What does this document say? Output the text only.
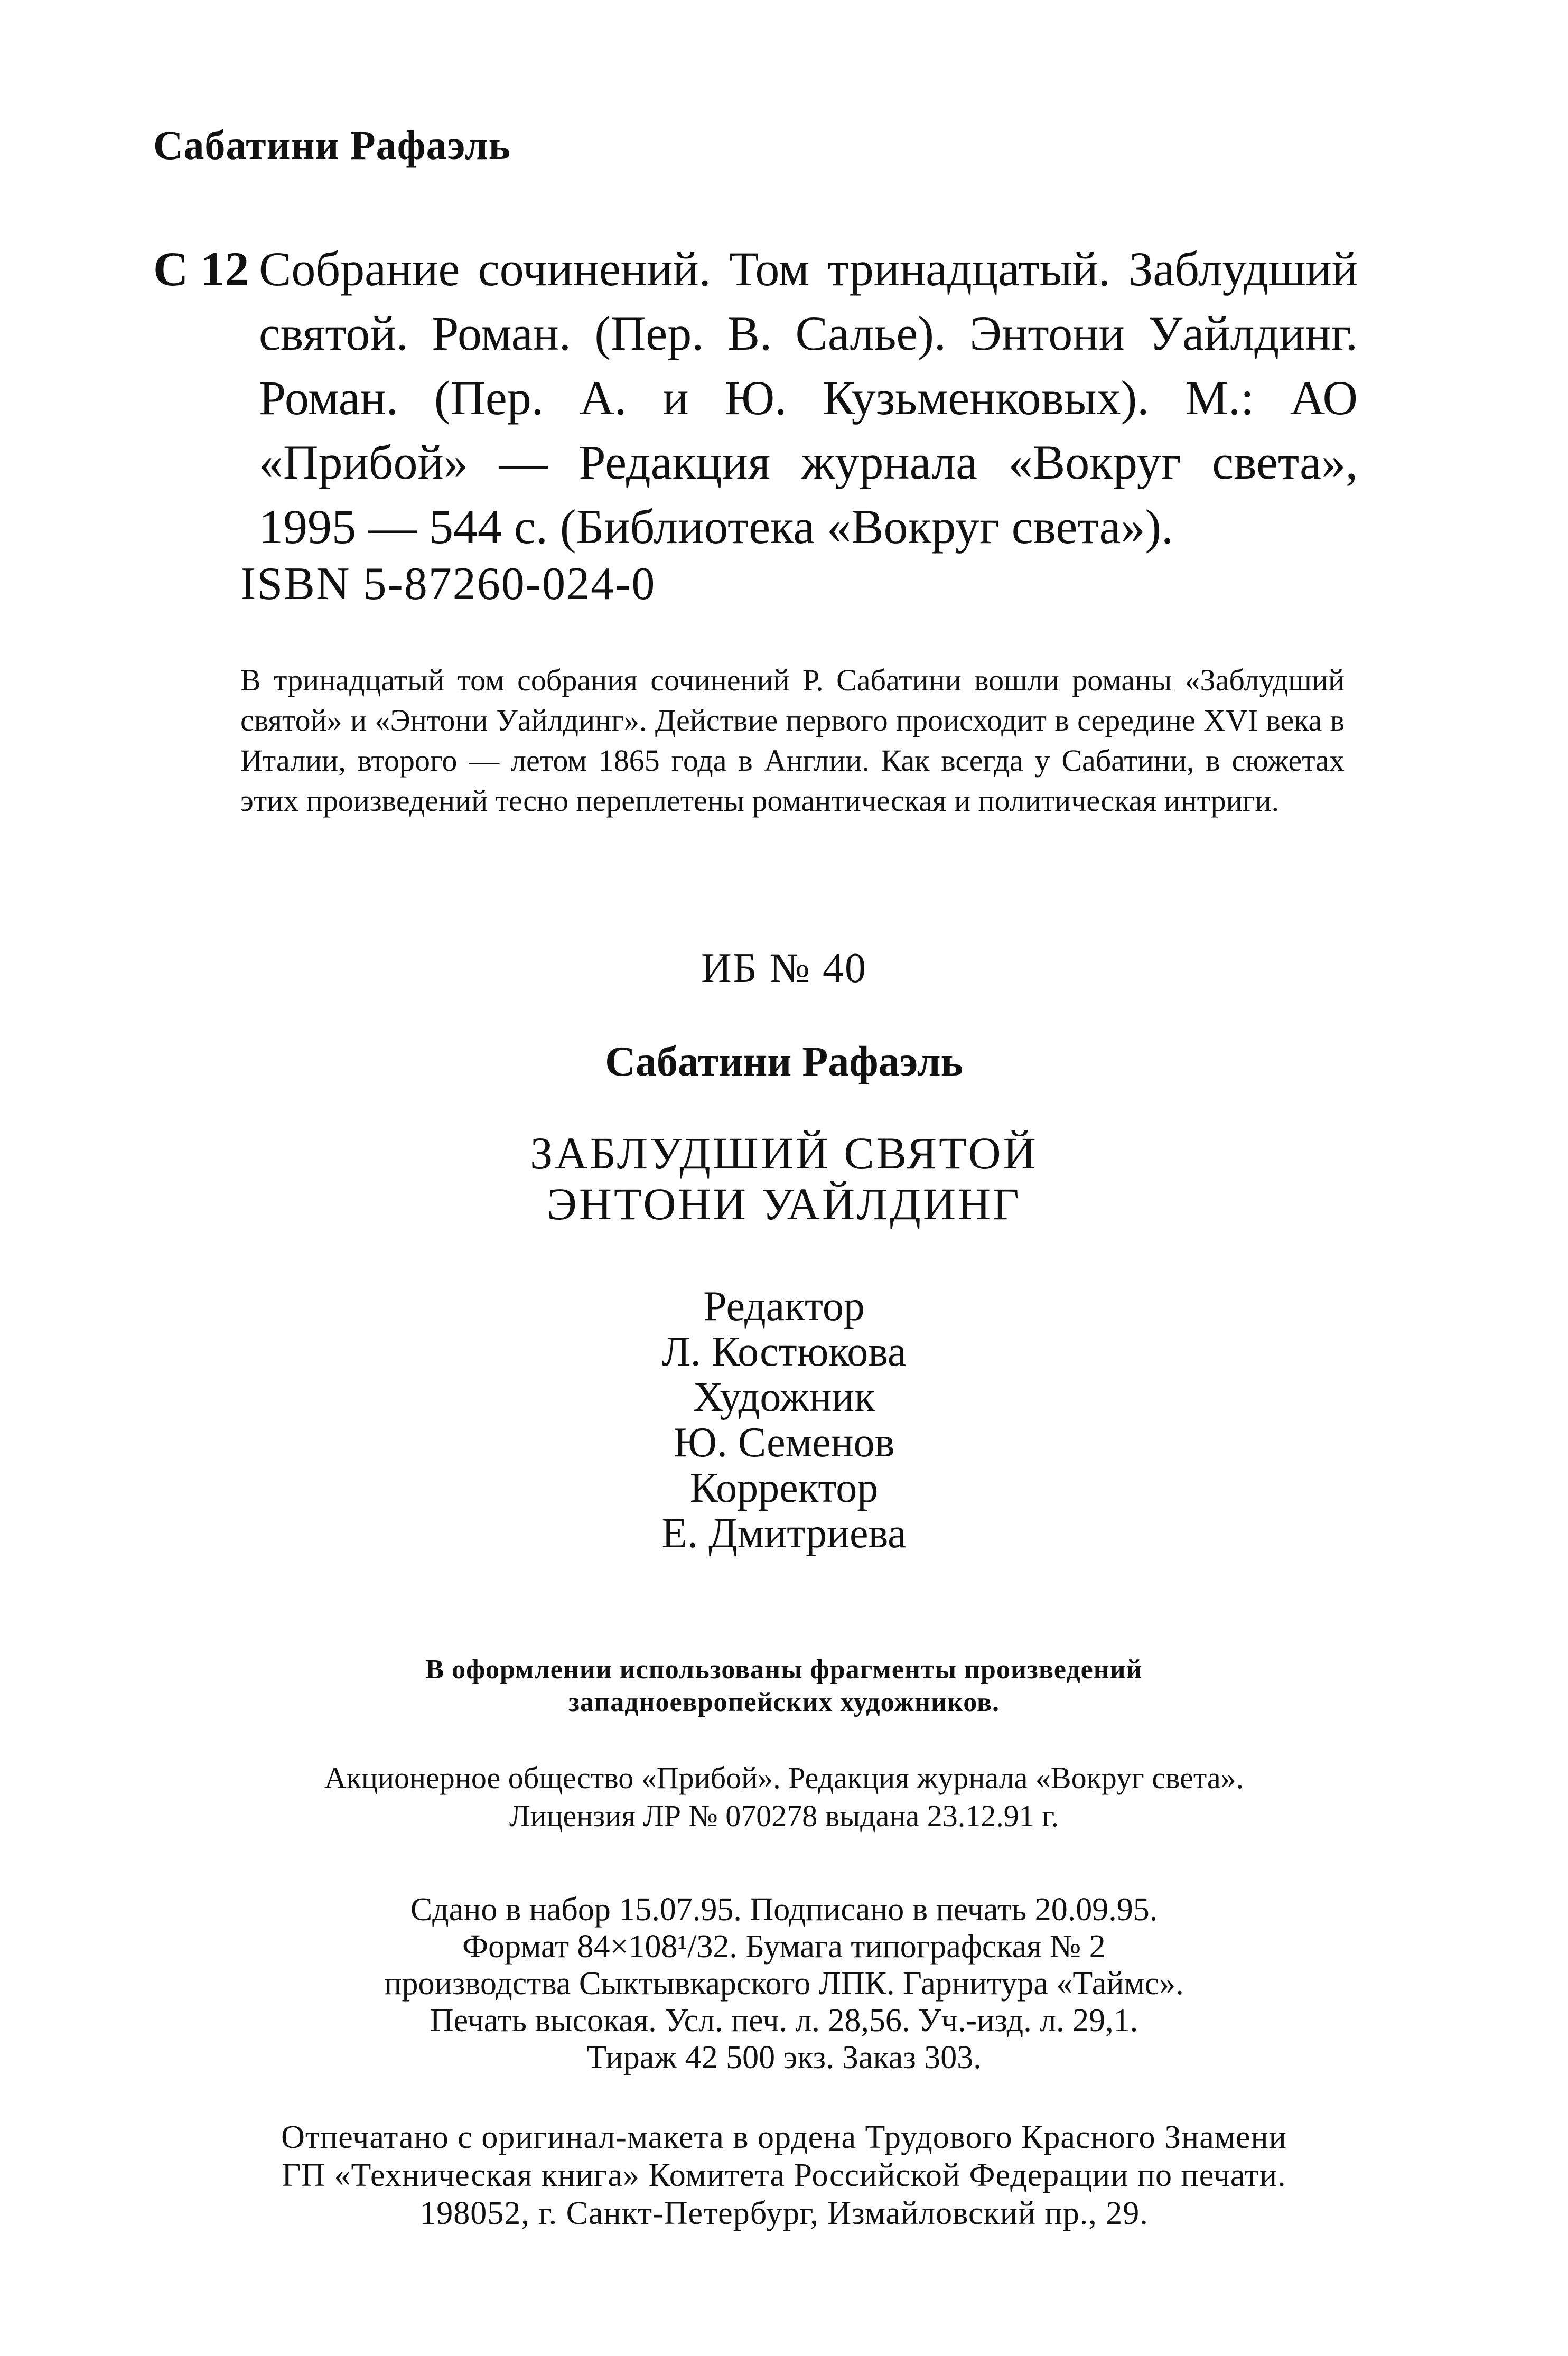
Сабатини Рафаэль
С 12 Собрание сочинений. Том тринадцатый. Заблудший святой. Роман. (Пер. В. Салье). Энтони Уайлдинг. Роман. (Пер. А. и Ю. Кузьменковых). М.: АО «Прибой» — Редакция журнала «Вокруг света», 1995 — 544 с. (Библиотека «Вокруг света»).
ISBN 5-87260-024-0
В тринадцатый том собрания сочинений Р. Сабатини вошли романы «Заблудший святой» и «Энтони Уайлдинг». Действие первого происходит в середине XVI века в Италии, второго — летом 1865 года в Англии. Как всегда у Сабатини, в сюжетах этих произведений тесно переплетены романтическая и политическая интриги.
ИБ № 40
Сабатини Рафаэль
ЗАБЛУДШИЙ СВЯТОЙ
ЭНТОНИ УАЙЛДИНГ
Редактор
Л. Костюкова
Художник
Ю. Семенов
Корректор
Е. Дмитриева
В оформлении использованы фрагменты произведений
западноевропейских художников.
Акционерное общество «Прибой». Редакция журнала «Вокруг света».
Лицензия ЛР № 070278 выдана 23.12.91 г.
Сдано в набор 15.07.95. Подписано в печать 20.09.95.
Формат 84×108¹/32. Бумага типографская № 2
производства Сыктывкарского ЛПК. Гарнитура «Таймс».
Печать высокая. Усл. печ. л. 28,56. Уч.-изд. л. 29,1.
Тираж 42 500 экз. Заказ 303.
Отпечатано с оригинал-макета в ордена Трудового Красного Знамени
ГП «Техническая книга» Комитета Российской Федерации по печати.
198052, г. Санкт-Петербург, Измайловский пр., 29.
